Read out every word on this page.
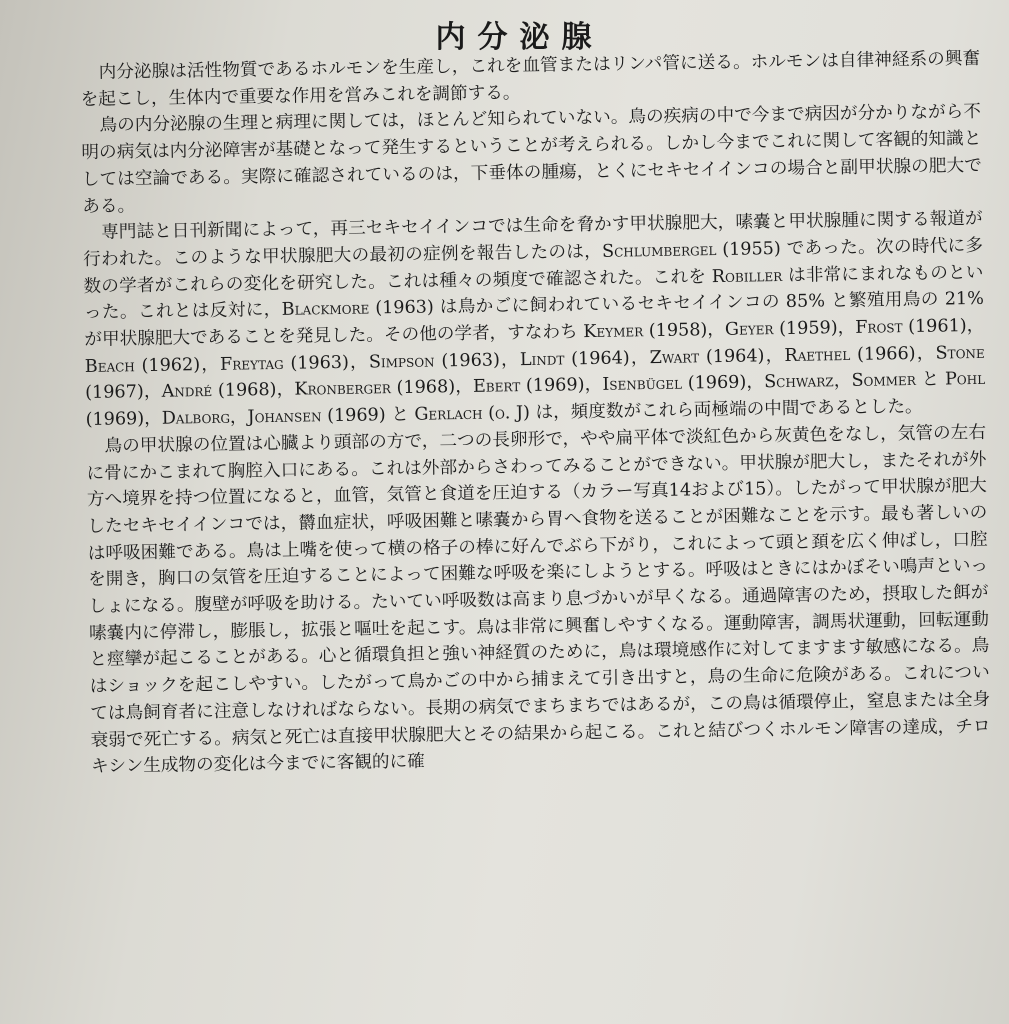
内分泌腺

内分泌腺は活性物質であるホルモンを生産し，これを血管またはリンパ管に送る。ホルモンは自律神経系の興奮を起こし，生体内で重要な作用を営みこれを調節する。

鳥の内分泌腺の生理と病理に関しては，ほとんど知られていない。鳥の疾病の中で今まで病因が分かりながら不明の病気は内分泌障害が基礎となって発生するということが考えられる。しかし今までこれに関して客観的知識としては空論である。実際に確認されているのは，下垂体の腫瘍，とくにセキセイインコの場合と副甲状腺の肥大である。

専門誌と日刊新聞によって，再三セキセイインコでは生命を脅かす甲状腺肥大，嗉嚢と甲状腺腫に関する報道が行われた。このような甲状腺肥大の最初の症例を報告したのは，Schlumbergel (1955) であった。次の時代に多数の学者がこれらの変化を研究した。これは種々の頻度で確認された。これを Robiller は非常にまれなものといった。これとは反対に，Blackmore (1963) は鳥かごに飼われているセキセイインコの 85% と繁殖用鳥の 21% が甲状腺肥大であることを発見した。その他の学者，すなわち Keymer (1958)，Geyer (1959)，Frost (1961)，Beach (1962)，Freytag (1963)，Simpson (1963)，Lindt (1964)，Zwart (1964)，Raethel (1966)，Stone (1967)，André (1968)，Kronberger (1968)，Ebert (1969)，Isenbügel (1969)，Schwarz，Sommer と Pohl (1969)，Dalborg，Johansen (1969) と Gerlach (o. J) は，頻度数がこれら両極端の中間であるとした。

鳥の甲状腺の位置は心臓より頭部の方で，二つの長卵形で，やや扁平体で淡紅色から灰黄色をなし，気管の左右に骨にかこまれて胸腔入口にある。これは外部からさわってみることができない。甲状腺が肥大し，またそれが外方へ境界を持つ位置になると，血管，気管と食道を圧迫する（カラー写真14および15）。したがって甲状腺が肥大したセキセイインコでは，欝血症状，呼吸困難と嗉嚢から胃へ食物を送ることが困難なことを示す。最も著しいのは呼吸困難である。鳥は上嘴を使って横の格子の棒に好んでぶら下がり，これによって頭と頚を広く伸ばし，口腔を開き，胸口の気管を圧迫することによって困難な呼吸を楽にしようとする。呼吸はときにはかぼそい鳴声といっしょになる。腹壁が呼吸を助ける。たいてい呼吸数は高まり息づかいが早くなる。通過障害のため，摂取した餌が嗉嚢内に停滞し，膨脹し，拡張と嘔吐を起こす。鳥は非常に興奮しやすくなる。運動障害，調馬状運動，回転運動と痙攣が起こることがある。心と循環負担と強い神経質のために，鳥は環境感作に対してますます敏感になる。鳥はショックを起こしやすい。したがって鳥かごの中から捕まえて引き出すと，鳥の生命に危険がある。これについては鳥飼育者に注意しなければならない。長期の病気でまちまちではあるが，この鳥は循環停止，窒息または全身衰弱で死亡する。病気と死亡は直接甲状腺肥大とその結果から起こる。これと結びつくホルモン障害の達成，チロキシン生成物の変化は今までに客観的に確
